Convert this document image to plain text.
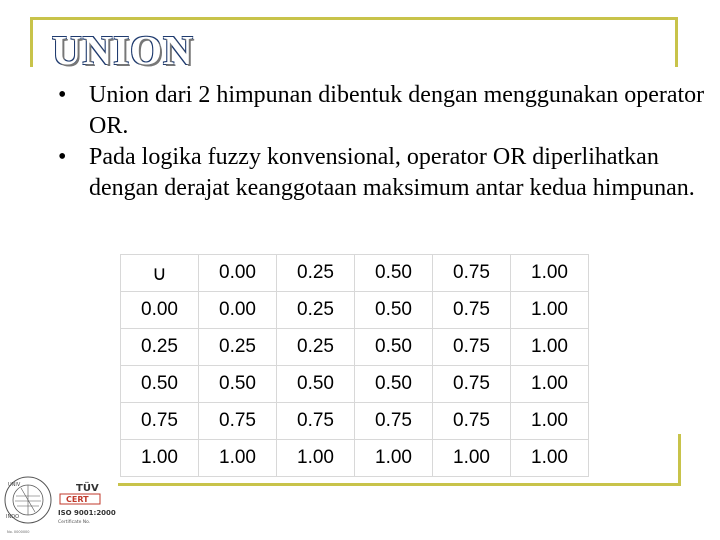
UNION
• Union dari 2 himpunan dibentuk dengan menggunakan operator OR.
• Pada logika fuzzy konvensional, operator OR diperlihatkan dengan derajat keanggotaan maksimum antar kedua himpunan.
∪	0.00	0.25	0.50	0.75	1.00
0.00	0.00	0.25	0.50	0.75	1.00
0.25	0.25	0.25	0.50	0.75	1.00
0.50	0.50	0.50	0.50	0.75	1.00
0.75	0.75	0.75	0.75	0.75	1.00
1.00	1.00	1.00	1.00	1.00	1.00
UNIV
INDO
No. 0000000
TÜV
CERT
ISO 9001:2000
Certificate No.
